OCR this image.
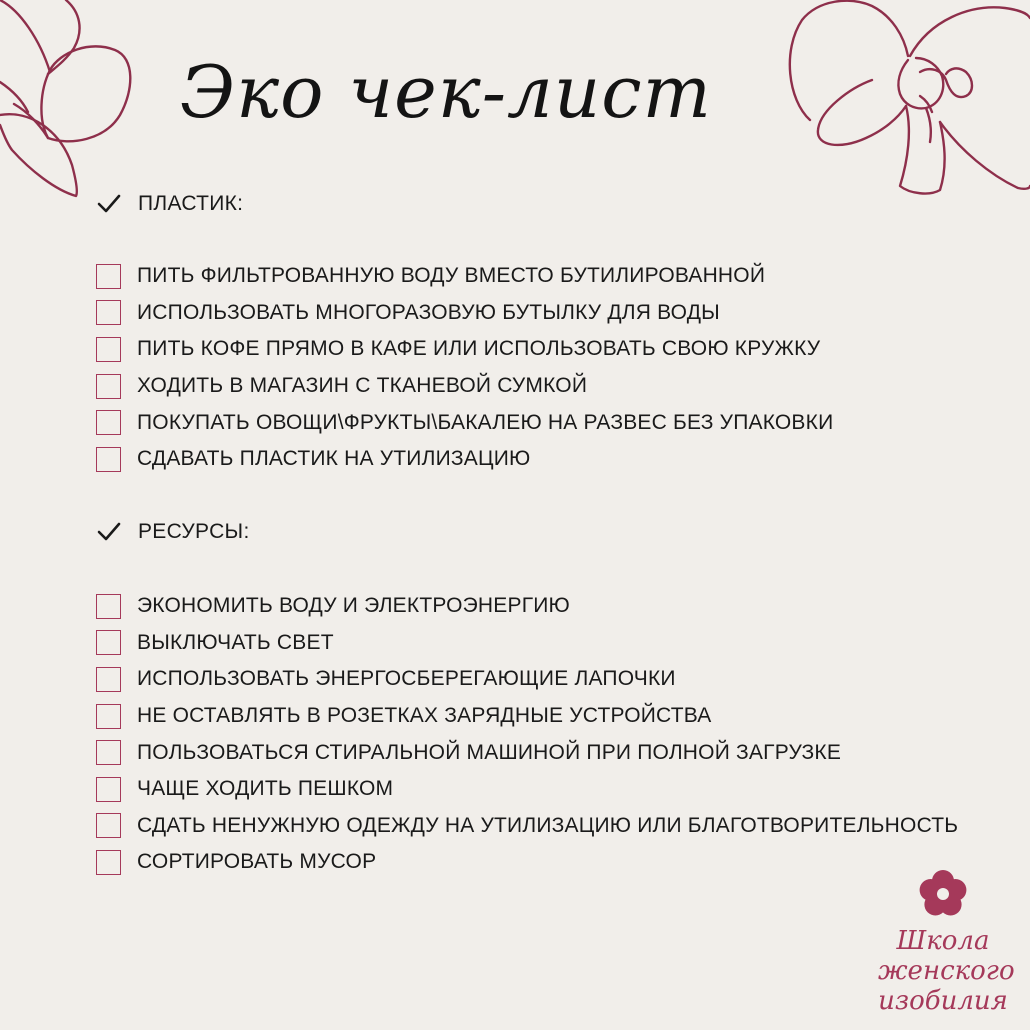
Эко чек-лист
ПЛАСТИК:
ПИТЬ ФИЛЬТРОВАННУЮ ВОДУ ВМЕСТО БУТИЛИРОВАННОЙ
ИСПОЛЬЗОВАТЬ МНОГОРАЗОВУЮ БУТЫЛКУ ДЛЯ ВОДЫ
ПИТЬ КОФЕ ПРЯМО В КАФЕ ИЛИ ИСПОЛЬЗОВАТЬ СВОЮ КРУЖКУ
ХОДИТЬ В МАГАЗИН С ТКАНЕВОЙ СУМКОЙ
ПОКУПАТЬ ОВОЩИ\ФРУКТЫ\БАКАЛЕЮ НА РАЗВЕС БЕЗ УПАКОВКИ
СДАВАТЬ ПЛАСТИК НА УТИЛИЗАЦИЮ
РЕСУРСЫ:
ЭКОНОМИТЬ ВОДУ И ЭЛЕКТРОЭНЕРГИЮ
ВЫКЛЮЧАТЬ СВЕТ
ИСПОЛЬЗОВАТЬ ЭНЕРГОСБЕРЕГАЮЩИЕ ЛАПОЧКИ
НЕ ОСТАВЛЯТЬ В РОЗЕТКАХ ЗАРЯДНЫЕ УСТРОЙСТВА
ПОЛЬЗОВАТЬСЯ СТИРАЛЬНОЙ МАШИНОЙ ПРИ ПОЛНОЙ ЗАГРУЗКЕ
ЧАЩЕ ХОДИТЬ ПЕШКОМ
СДАТЬ НЕНУЖНУЮ ОДЕЖДУ НА УТИЛИЗАЦИЮ ИЛИ БЛАГОТВОРИТЕЛЬНОСТЬ
СОРТИРОВАТЬ МУСОР
Школа
женского
изобилия
